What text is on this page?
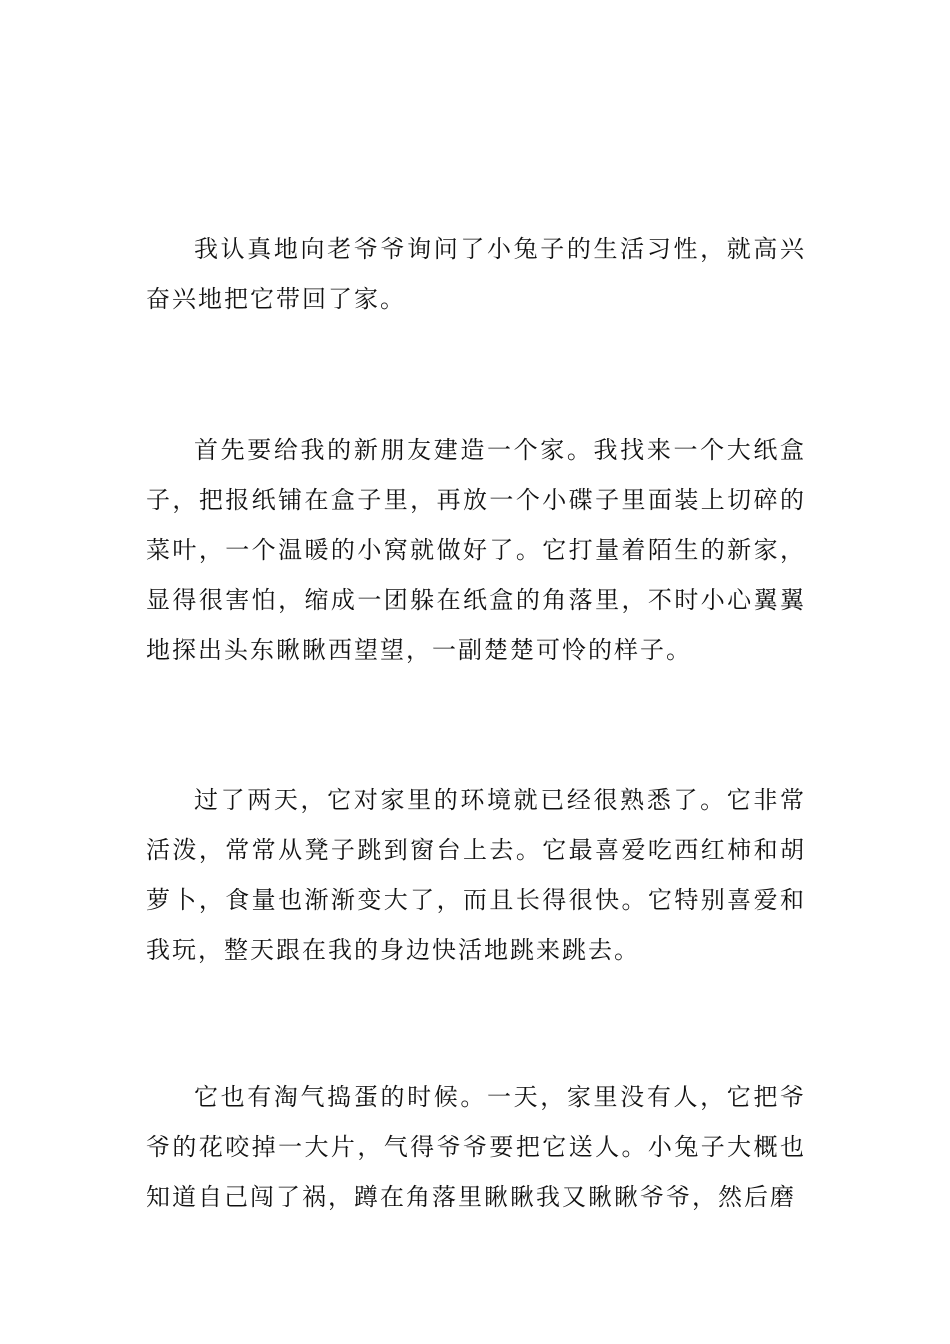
我认真地向老爷爷询问了小兔子的生活习性，就高兴奋兴地把它带回了家。

首先要给我的新朋友建造一个家。我找来一个大纸盒子，把报纸铺在盒子里，再放一个小碟子里面装上切碎的菜叶，一个温暖的小窝就做好了。它打量着陌生的新家，显得很害怕，缩成一团躲在纸盒的角落里，不时小心翼翼地探出头东瞅瞅西望望，一副楚楚可怜的样子。

过了两天，它对家里的环境就已经很熟悉了。它非常活泼，常常从凳子跳到窗台上去。它最喜爱吃西红柿和胡萝卜，食量也渐渐变大了，而且长得很快。它特别喜爱和我玩，整天跟在我的身边快活地跳来跳去。

它也有淘气捣蛋的时候。一天，家里没有人，它把爷爷的花咬掉一大片，气得爷爷要把它送人。小兔子大概也知道自己闯了祸，蹲在角落里瞅瞅我又瞅瞅爷爷，然后磨
